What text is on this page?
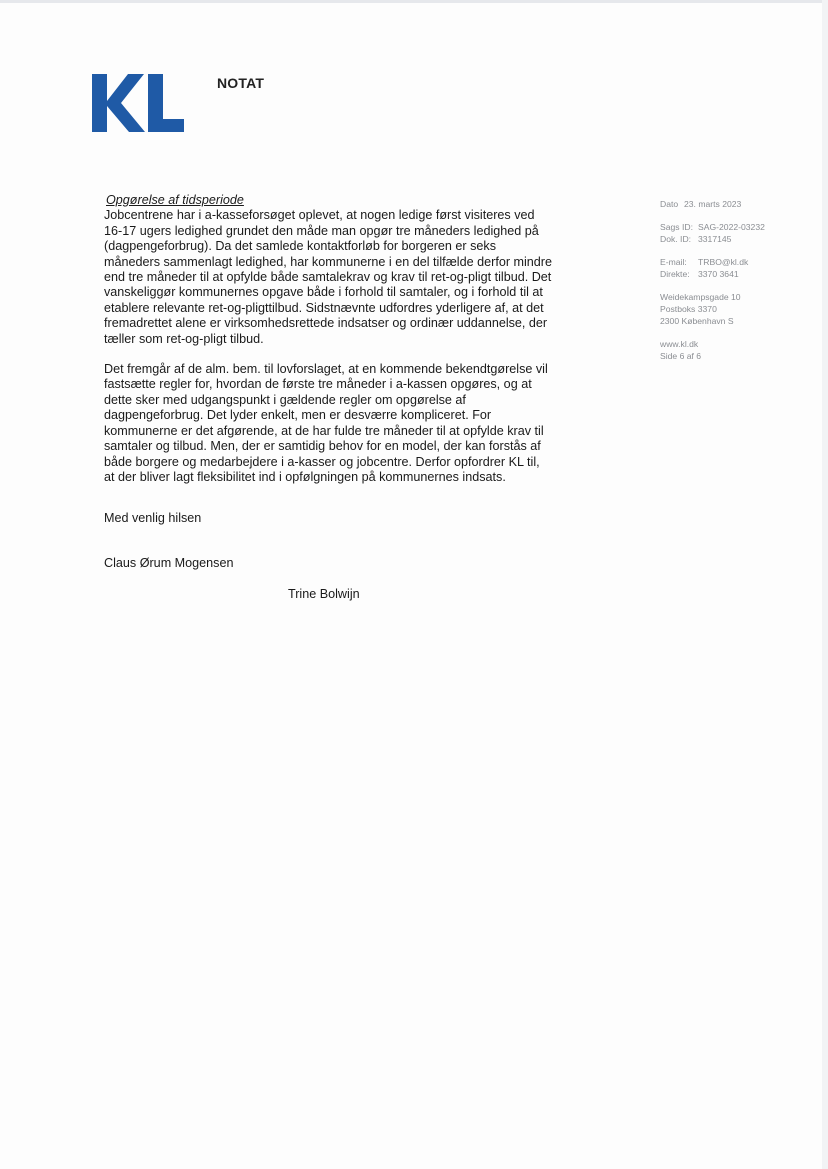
NOTAT

Opgørelse af tidsperiode
Jobcentrene har i a-kasseforsøget oplevet, at nogen ledige først visiteres ved 16-17 ugers ledighed grundet den måde man opgør tre måneders ledighed på (dagpengeforbrug). Da det samlede kontaktforløb for borgeren er seks måneders sammenlagt ledighed, har kommunerne i en del tilfælde derfor mindre end tre måneder til at opfylde både samtalekrav og krav til ret-og-pligt tilbud. Det vanskeliggør kommunernes opgave både i forhold til samtaler, og i forhold til at etablere relevante ret-og-pligttilbud. Sidstnævnte udfordres yderligere af, at det fremadrettet alene er virksomhedsrettede indsatser og ordinær uddannelse, der tæller som ret-og-pligt tilbud.

Det fremgår af de alm. bem. til lovforslaget, at en kommende bekendtgørelse vil fastsætte regler for, hvordan de første tre måneder i a-kassen opgøres, og at dette sker med udgangspunkt i gældende regler om opgørelse af dagpengeforbrug. Det lyder enkelt, men er desværre kompliceret. For kommunerne er det afgørende, at de har fulde tre måneder til at opfylde krav til samtaler og tilbud. Men, der er samtidig behov for en model, der kan forstås af både borgere og medarbejdere i a-kasser og jobcentre. Derfor opfordrer KL til, at der bliver lagt fleksibilitet ind i opfølgningen på kommunernes indsats.

Med venlig hilsen
Claus Ørum Mogensen
Trine Bolwijn
Dato 23. marts 2023
Sags ID: SAG-2022-03232
Dok. ID: 3317145
E-mail: TRBO@kl.dk
Direkte: 3370 3641
Weidekampsgade 10
Postboks 3370
2300 København S
www.kl.dk
Side 6 af 6
